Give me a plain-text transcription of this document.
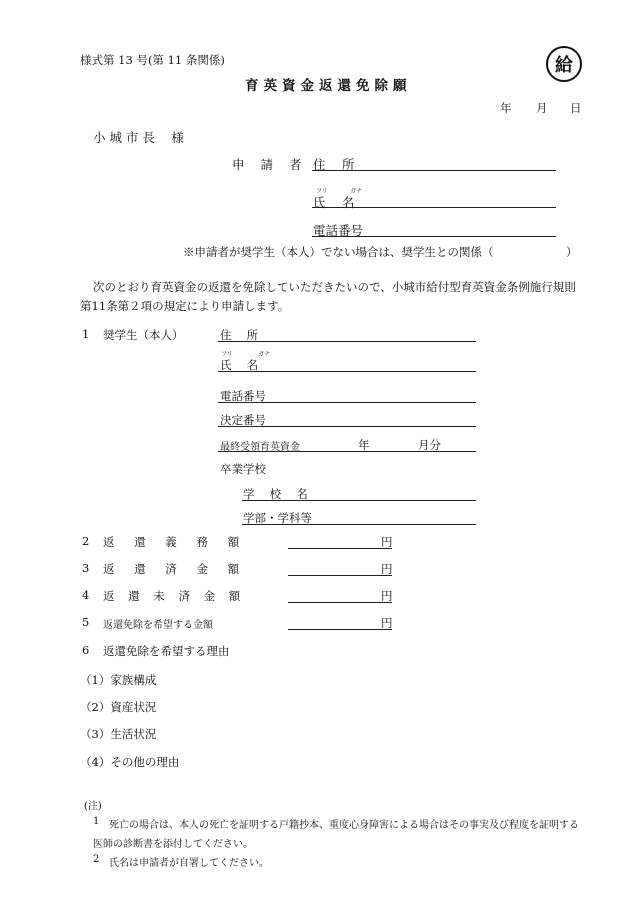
様式第 13 号(第 11 条関係)	給
育英資金返還免除願
年 月 日
小 城 市 長　 様
申 請 者 住　 所
フリ	ガナ
氏　 名
電話番号
※申請者が奨学生（本人）でない場合は、奨学生との関係（	）
次のとおり育英資金の返還を免除していただきたいので、小城市給付型育英資金条例施行規則
第11条第２項の規定により申請します。
1 奨学生（本人）	住　 所
フリ	ガナ
氏　 名
電話番号
決定番号
最終受領育英資金	年	月分
卒業学校
学　 校　 名
学部・学科等
2 返 還 義 務 額	円
3 返 還 済 金 額	円
4 返 還 未 済 金 額	円
5 返還免除を希望する金額	円
6 返還免除を希望する理由
（1）家族構成
（2）資産状況
（3）生活状況
（4）その他の理由
(注)
1 死亡の場合は、本人の死亡を証明する戸籍抄本、重度心身障害による場合はその事実及び程度を証明する
医師の診断書を添付してください。
2 氏名は申請者が自署してください。
